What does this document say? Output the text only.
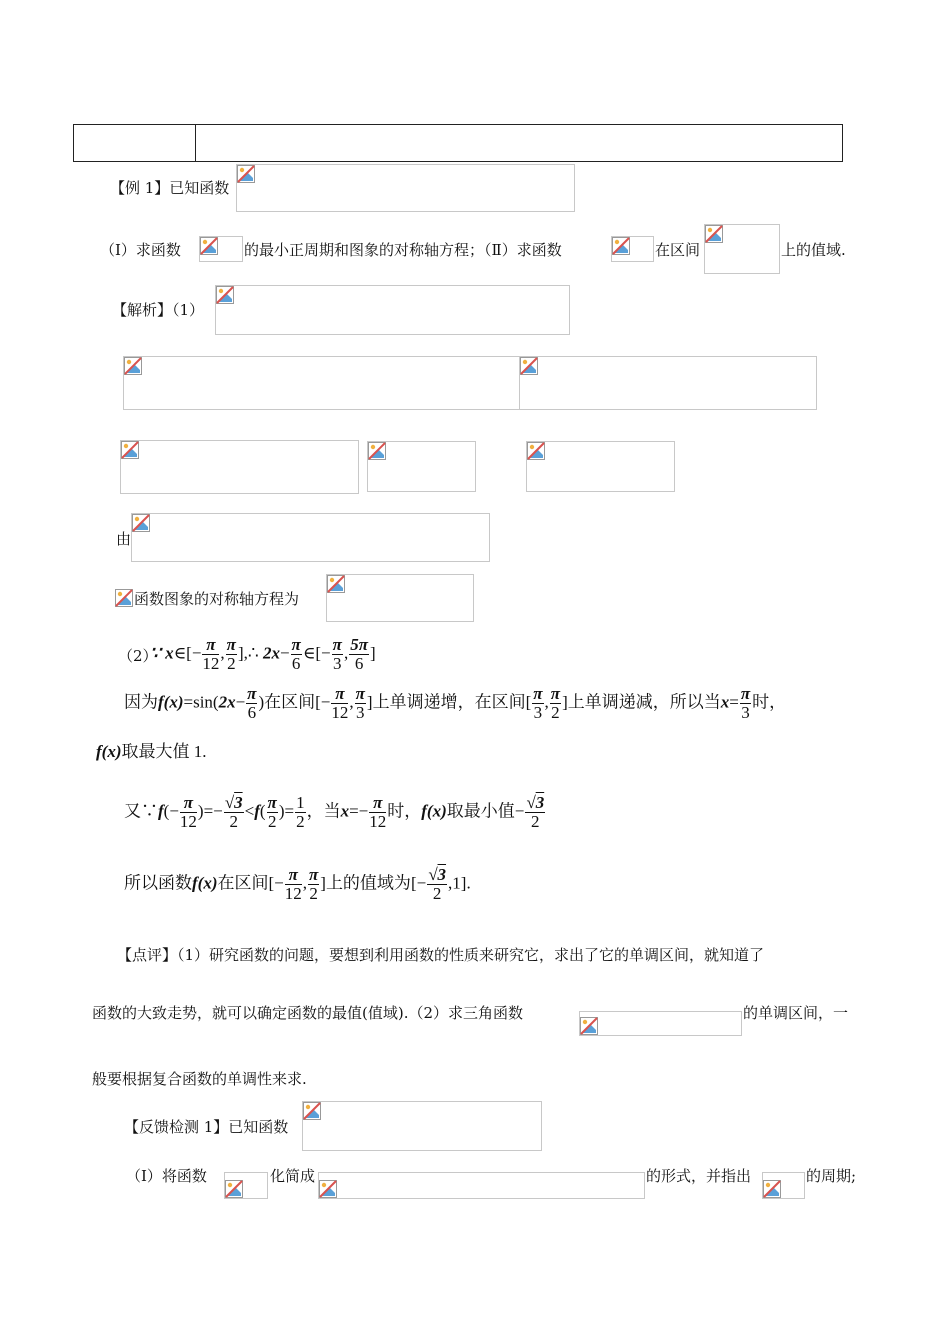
【例 1】已知函数
（Ⅰ）求函数	的最小正周期和图象的对称轴方程；（Ⅱ）求函数	在区间	上的值域.
【解析】（1）
由
函数图象的对称轴方程为
（2）
∵ x∈[− $\frac{\pi}{12}$ , $\frac{\pi}{2}$ ],∴ $2x- \frac{\pi}{6}$ ∈[− $\frac{\pi}{3}$ , $\frac{5\pi}{6}$ ]
因为$f(x)=\sin(2x- \frac{\pi}{6}$ )在区间[− $\frac{\pi}{12}$ , $\frac{\pi}{3}$ ]上单调递增，在区间[ $\frac{\pi}{3}$ , $\frac{\pi}{2}$ ]上单调递减，所以当$x= \frac{\pi}{3}$ 时，
f(x)取最大值 1.
又∵f(− $\frac{\pi}{12}$ )=− $\frac{√3}{2} <f( \frac{\pi}{2}$ )= $\frac{1}{2}$ ，当$x=- \frac{\pi}{12}$ 时，f(x)取最小值− $\frac{√3}{2}$
所以函数f(x)在区间[− $\frac{\pi}{12}$ , $\frac{\pi}{2}$ ]上的值域为[− $\frac{√3}{2} ,1$].
【点评】（1）研究函数的问题，要想到利用函数的性质来研究它，求出了它的单调区间，就知道了
函数的大致走势，就可以确定函数的最值(值域).（2）求三角函数	的单调区间，一
般要根据复合函数的单调性来求.
【反馈检测 1】已知函数
（Ⅰ）将函数	化简成	的形式，并指出	的周期;
